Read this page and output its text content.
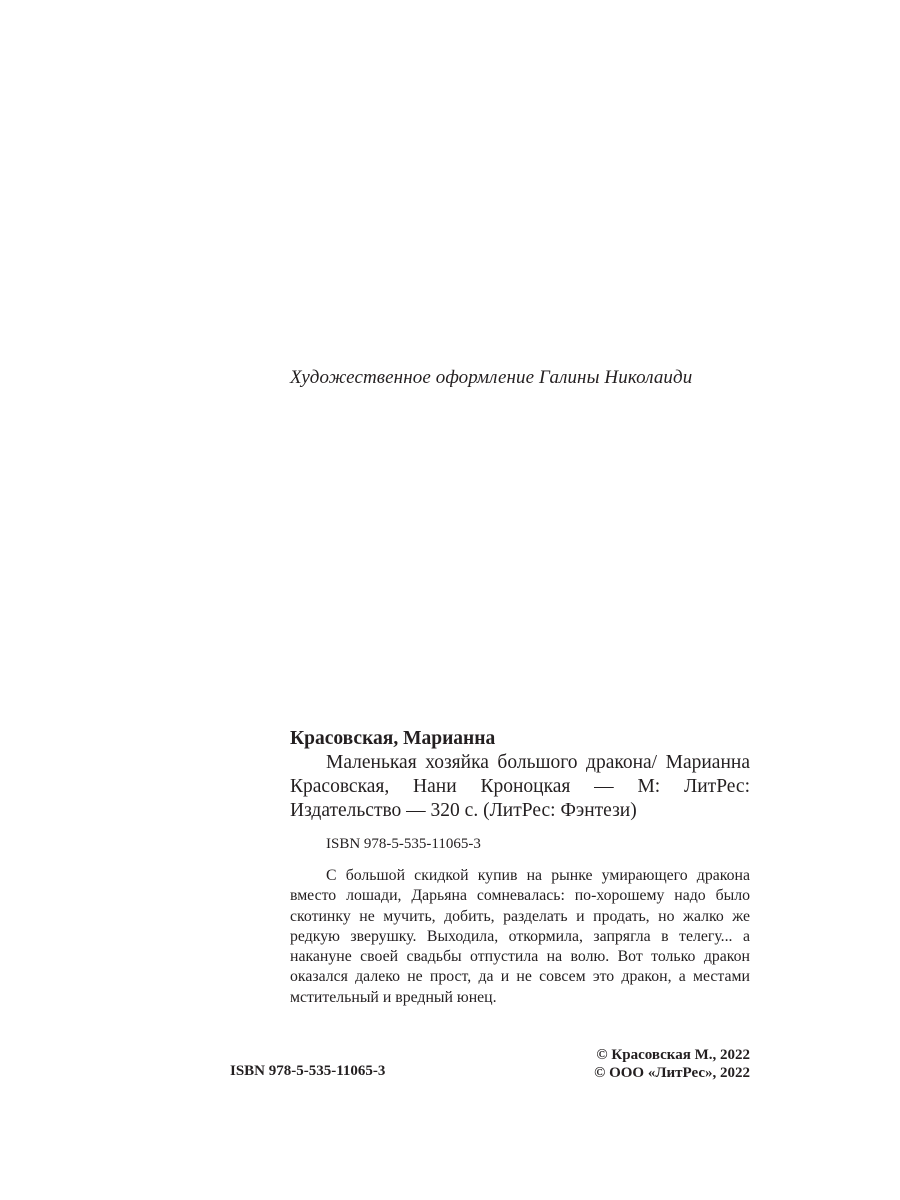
Художественное оформление Галины Николаиди

Красовская, Марианна

Маленькая хозяйка большого дракона/ Марианна Красовская, Нани Кроноцкая — М: ЛитРес: Издательство — 320 с. (ЛитРес: Фэнтези)

ISBN 978-5-535-11065-3

С большой скидкой купив на рынке умирающего дракона вместо лошади, Дарьяна сомневалась: по-хорошему надо было скотинку не мучить, добить, разделать и продать, но жалко же редкую зверушку. Выходила, откормила, запрягла в телегу... а накануне своей свадьбы отпустила на волю. Вот только дракон оказался далеко не прост, да и не совсем это дракон, а местами мстительный и вредный юнец.

ISBN 978-5-535-11065-3
© Красовская М., 2022
© ООО «ЛитРес», 2022
